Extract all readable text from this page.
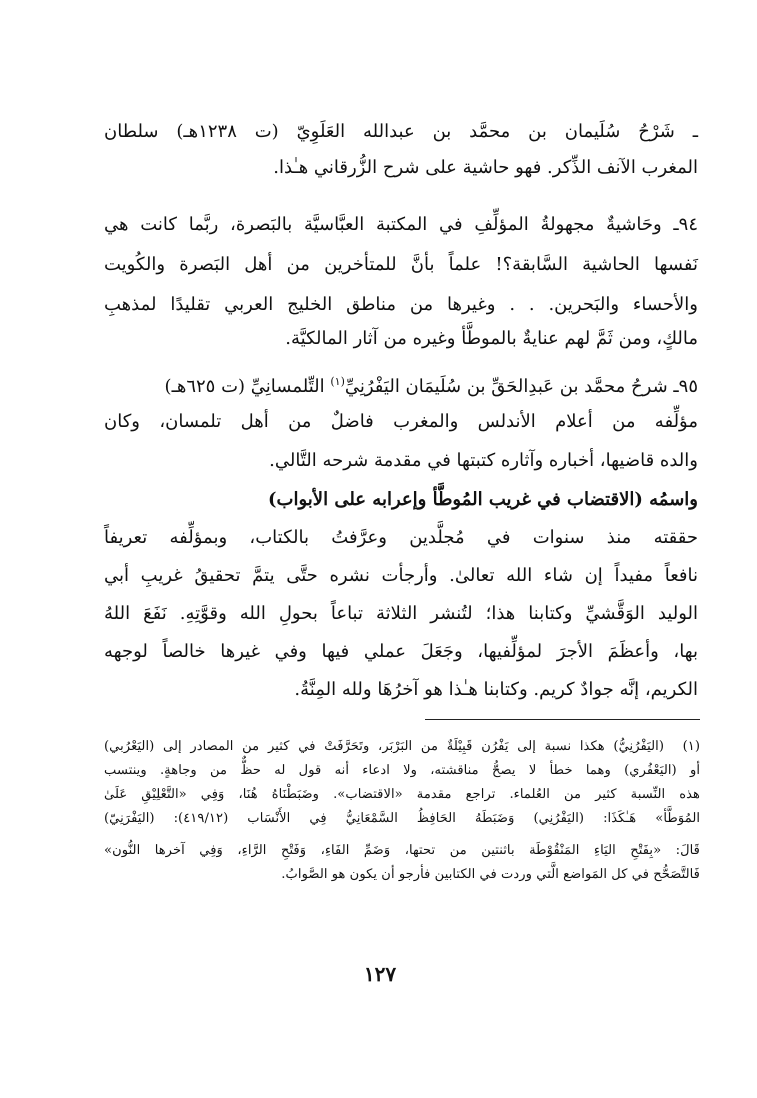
ـ شَرْحُ سُلَيمان بن محمَّد بن عبدالله العَلَوِيّ (ت ١٢٣٨هـ) سلطان
المغرب الآنف الذِّكر. فهو حاشية على شرح الزُّرقاني هـٰذا.
٩٤ـ وحَاشيةٌ مجهولةُ المؤلِّفِ في المكتبة العبَّاسيَّة بالبَصرة، ربَّما كانت هي
نَفسها الحاشية السَّابقة؟! علماً بأنَّ للمتأخرين من أهل البَصرة والكُويت
والأحساء والبَحرين. . . وغيرها من مناطق الخليج العربي تقليدًا لمذهبِ
مالكٍ، ومن ثَمَّ لهم عنايةٌ بالموطَّأ وغيره من آثار المالكيَّة.
٩٥ـ شرحُ محمَّد بن عَبدِالحَقِّ بن سُلَيمَان اليَفْرُنِيِّ$^{(١)}$ التِّلمسانِيِّ (ت ٦٢٥هـ)
مؤلِّفه من أعلام الأندلس والمغرب فاضلٌ من أهل تلمسان، وكان
والده قاضيها، أخباره وآثاره كتبتها في مقدمة شرحه التَّالي.
واسمُه (الاقتضاب في غريب المُوطَّأ وإعرابه على الأبواب)
حققته منذ سنوات في مُجلَّدين وعرَّفتُ بالكتاب، وبمؤلِّفه تعريفاً
نافعاً مفيداً إن شاء الله تعالىٰ. وأرجأت نشره حتَّى يتمَّ تحقيقُ غريبِ أبي
الوليد الوَقَّشيِّ وكتابنا هذا؛ لتُنشر الثلاثة تباعاً بحولِ الله وقوَّتِهِ. نَفَعَ اللهُ
بها، وأعظَمَ الأجرَ لمؤلِّفيها، وجَعَلَ عملي فيها وفي غيرها خالصاً لوجهه
الكريم، إنَّه جوادٌ كريم. وكتابنا هـٰذا هو آخرُهَا ولله المِنَّةُ.
(١)
(اليَفْرُنِيُّ) هكذا نسبة إلى يَفْرُن قَبِيْلَةٌ من البَرْبَر، وتَحَرَّفَتْ في كثير من المصادر إلى (اليَعْرُبي)
أو (اليَعْفُري) وهما خطأ لا يصحُّ مناقشته، ولا ادعاء أنه قول له حظٌّ من وجاهةٍ. وينتسب
هذه النِّسبة كثير من العُلماء. تراجع مقدمة «الاقتضاب». وضَبَطْنَاهُ هُنَا، وَفِي «التَّعْلِيْقِ عَلَىٰ
المُوَطَّأ» هَـٰكَذَا: (اليَفْرُنِي) وَضَبَطَهُ الحَافِظُ السَّمْعَانِيُّ فِي الأَنْسَاب (٤١٩/١٢): (اليَفْرَنِيّ)
قَالَ: «بِفَتْحِ اليَاءِ المَنْقُوْطَة باثنتين من تحتها، وَضَمِّ الفَاءِ، وَفَتْحِ الرَّاءِ، وَفِي آخرها النُّون»
فَالتَّصَحُّح في كل المَواضع الَّتي وردت في الكتابين فأرجو أن يكون هو الصَّوابُ.
١٢٧
